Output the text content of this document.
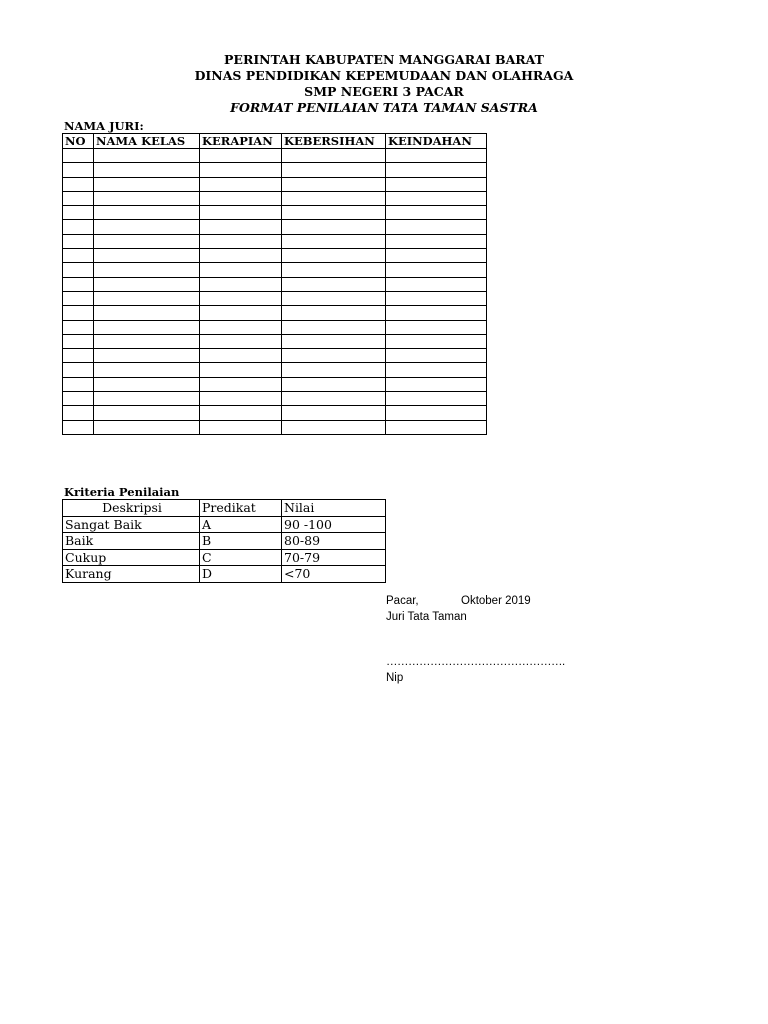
PERINTAH KABUPATEN MANGGARAI BARAT
DINAS PENDIDIKAN KEPEMUDAAN DAN OLAHRAGA
SMP NEGERI 3 PACAR
FORMAT PENILAIAN TATA TAMAN SASTRA
NAMA JURI:
NO	NAMA KELAS	KERAPIAN	KEBERSIHAN	KEINDAHAN

Kriteria Penilaian
Deskripsi	Predikat	Nilai
Sangat Baik	A	90 -100
Baik	B	80-89
Cukup	C	70-79
Kurang	D	<70
Pacar,	Oktober 2019
Juri Tata Taman
………………………………………….
Nip
